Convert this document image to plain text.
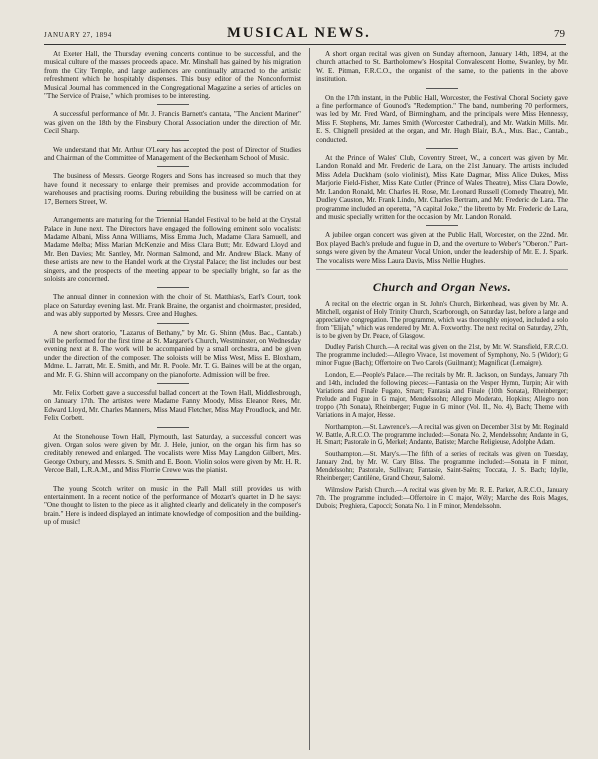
JANUARY 27, 1894	MUSICAL NEWS.	79

At Exeter Hall, the Thursday evening concerts continue to be successful, and the musical culture of the masses proceeds apace. Mr. Minshall has gained by his migration from the City Temple, and large audiences are continually attracted to the artistic refreshment which he hospitably dispenses. This busy editor of the Nonconformist Musical Journal has commenced in the Congregational Magazine a series of articles on "The Service of Praise," which promises to be interesting.

A successful performance of Mr. J. Francis Barnett's cantata, "The Ancient Mariner" was given on the 18th by the Finsbury Choral Association under the direction of Mr. Cecil Sharp.

We understand that Mr. Arthur O'Leary has accepted the post of Director of Studies and Chairman of the Committee of Management of the Beckenham School of Music.

The business of Messrs. George Rogers and Sons has increased so much that they have found it necessary to enlarge their premises and provide accommodation for warehouses and practising rooms. During rebuilding the business will be carried on at 17, Berners Street, W.

Arrangements are maturing for the Triennial Handel Festival to be held at the Crystal Palace in June next. The Directors have engaged the following eminent solo vocalists: Madame Albani, Miss Anna Williams, Miss Emma Juch, Madame Clara Samuell, and Madame Melba; Miss Marian McKenzie and Miss Clara Butt; Mr. Edward Lloyd and Mr. Ben Davies; Mr. Santley, Mr. Norman Salmond, and Mr. Andrew Black. Many of these artists are new to the Handel work at the Crystal Palace; the list includes our best singers, and the prospects of the meeting appear to be specially bright, so far as the soloists are concerned.

The annual dinner in connexion with the choir of St. Matthias's, Earl's Court, took place on Saturday evening last. Mr. Frank Braine, the organist and choirmaster, presided, and was ably supported by Messrs. Cree and Hughes.

A new short oratorio, "Lazarus of Bethany," by Mr. G. Shinn (Mus. Bac., Cantab.) will be performed for the first time at St. Margaret's Church, Westminster, on Wednesday evening next at 8. The work will be accompanied by a small orchestra, and be given under the direction of the composer. The soloists will be Miss West, Miss E. Bloxham, Mdme. L. Jarratt, Mr. E. Smith, and Mr. R. Poole. Mr. T. G. Baines will be at the organ, and Mr. F. G. Shinn will accompany on the pianoforte. Admission will be free.

Mr. Felix Corbett gave a successful ballad concert at the Town Hall, Middlesbrough, on January 17th. The artistes were Madame Fanny Moody, Miss Eleanor Rees, Mr. Edward Lloyd, Mr. Charles Manners, Miss Maud Fletcher, Miss May Proudlock, and Mr. Felix Corbett.

At the Stonehouse Town Hall, Plymouth, last Saturday, a successful concert was given. Organ solos were given by Mr. J. Hele, junior, on the organ his firm has so creditably renewed and enlarged. The vocalists were Miss May Langdon Gilbert, Mrs. George Oxbury, and Messrs. S. Smith and E. Boon. Violin solos were given by Mr. H. R. Vercoe Ball, L.R.A.M., and Miss Florrie Crewe was the pianist.

The young Scotch writer on music in the Pall Mall still provides us with entertainment. In a recent notice of the performance of Mozart's quartet in D he says: "One thought to listen to the piece as it alighted clearly and delicately in the composer's brain." Here is indeed displayed an intimate knowledge of composition and the building-up of music!

A short organ recital was given on Sunday afternoon, January 14th, 1894, at the church attached to St. Bartholomew's Hospital Convalescent Home, Swanley, by Mr. W. E. Pitman, F.R.C.O., the organist of the same, to the patients in the above institution.

On the 17th instant, in the Public Hall, Worcester, the Festival Choral Society gave a fine performance of Gounod's "Redemption." The band, numbering 70 performers, was led by Mr. Fred Ward, of Birmingham, and the principals were Miss Hennessy, Miss F. Stephens, Mr. James Smith (Worcester Cathedral), and Mr. Watkin Mills. Mr. E. S. Chignell presided at the organ, and Mr. Hugh Blair, B.A., Mus. Bac., Cantab., conducted.

At the Prince of Wales' Club, Coventry Street, W., a concert was given by Mr. Landon Ronald and Mr. Frederic de Lara, on the 21st January. The artists included Miss Adela Duckham (solo violinist), Miss Kate Dagmar, Miss Alice Dukes, Miss Marjorie Field-Fisher, Miss Kate Cutler (Prince of Wales Theatre), Miss Clara Dowle, Mr. Landon Ronald, Mr. Charles H. Rose, Mr. Leonard Russell (Comedy Theatre), Mr. Dudley Causton, Mr. Frank Lindo, Mr. Charles Bertram, and Mr. Frederic de Lara. The programme included an operetta, "A capital Joke," the libretto by Mr. Frederic de Lara, and music specially written for the occasion by Mr. Landon Ronald.

A jubilee organ concert was given at the Public Hall, Worcester, on the 22nd. Mr. Box played Bach's prelude and fugue in D, and the overture to Weber's "Oberon." Part-songs were given by the Amateur Vocal Union, under the leadership of Mr. E. J. Spark. The vocalists were Miss Laura Davis, Miss Nellie Hughes.

Church and Organ News.

A recital on the electric organ in St. John's Church, Birkenhead, was given by Mr. A. Mitchell, organist of Holy Trinity Church, Scarborough, on Saturday last, before a large and appreciative congregation. The programme, which was thoroughly enjoyed, included a solo from "Elijah," which was rendered by Mr. A. Foxworthy. The next recital on Saturday, 27th, is to be given by Dr. Peace, of Glasgow.

Dudley Parish Church.—A recital was given on the 21st, by Mr. W. Stansfield, F.R.C.O. The programme included:—Allegro Vivace, 1st movement of Symphony, No. 5 (Widor); G minor Fugue (Bach); Offertoire on Two Carols (Guilmant); Magnificat (Lemaigre).

London, E.—People's Palace.—The recitals by Mr. R. Jackson, on Sundays, January 7th and 14th, included the following pieces:—Fantasia on the Vesper Hymn, Turpin; Air with Variations and Finale Fugato, Smart; Fantasia and Finale (10th Sonata), Rheinberger; Prelude and Fugue in G major, Mendelssohn; Allegro Moderato, Hopkins; Allegro non troppo (7th Sonata), Rheinberger; Fugue in G minor (Vol. II., No. 4), Bach; Theme with Variations in A major, Hesse.

Northampton.—St. Lawrence's.—A recital was given on December 31st by Mr. Reginald W. Battle, A.R.C.O. The programme included:—Sonata No. 2, Mendelssohn; Andante in G, H. Smart; Pastorale in G, Merkel; Andante, Batiste; Marche Religieuse, Adolphe Adam.

Southampton.—St. Mary's.—The fifth of a series of recitals was given on Tuesday, January 2nd, by Mr. W. Cary Bliss. The programme included:—Sonata in F minor, Mendelssohn; Pastorale, Sullivan; Fantasie, Saint-Saëns; Toccata, J. S. Bach; Idylle, Rheinberger; Cantilène, Grand Chœur, Salomé.

Wilmslow Parish Church.—A recital was given by Mr. R. E. Parker, A.R.C.O., January 7th. The programme included:—Offertoire in C major, Wély; Marche des Rois Mages, Dubois; Preghiera, Capocci; Sonata No. 1 in F minor, Mendelssohn.
